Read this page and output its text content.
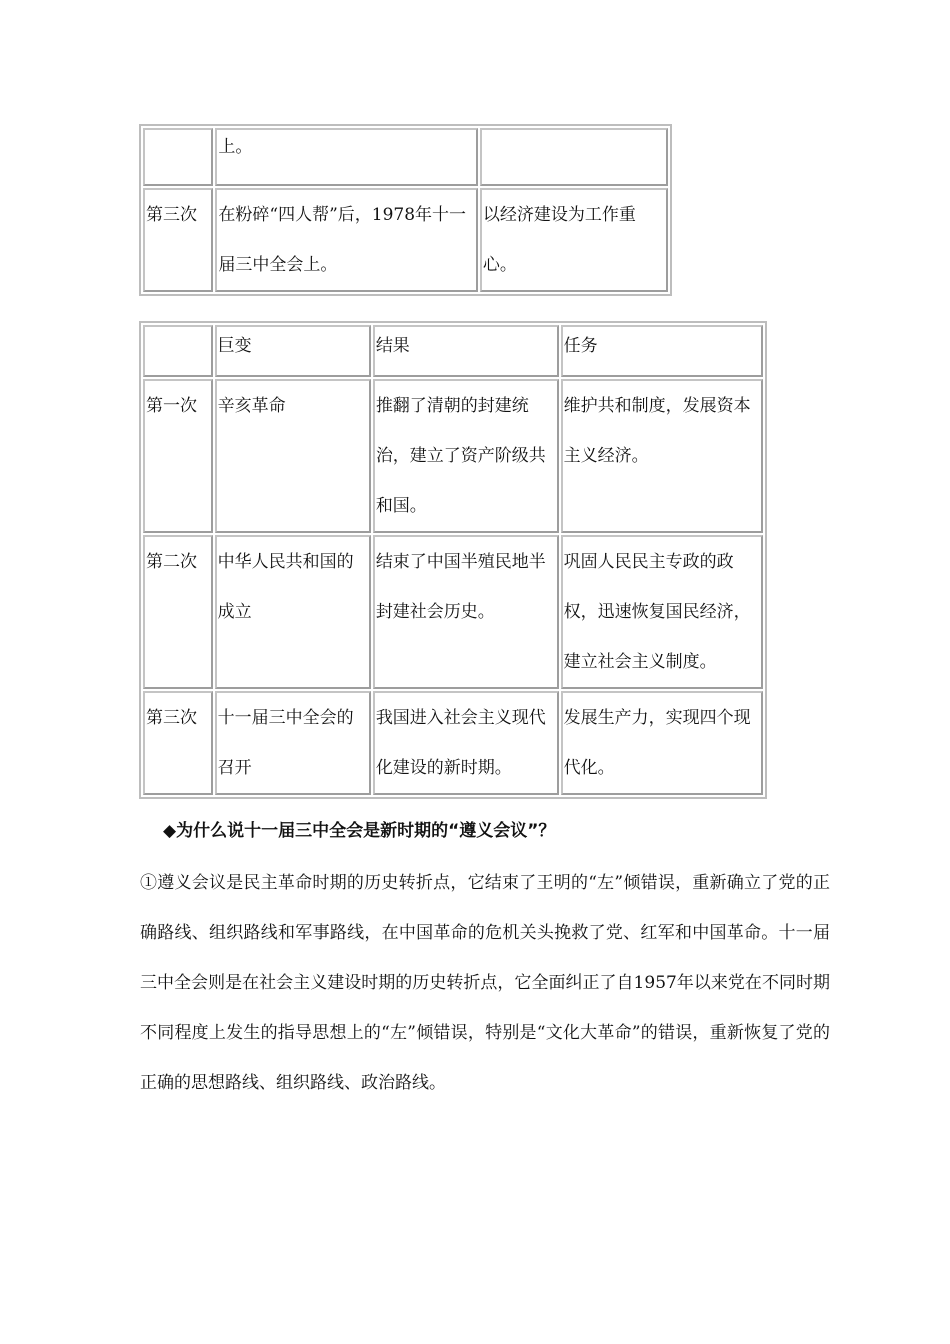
	上。	
第三次	在粉碎“四人帮”后，1978年十一届三中全会上。	以经济建设为工作重心。
	巨变	结果	任务
第一次	辛亥革命	推翻了清朝的封建统治，建立了资产阶级共和国。	维护共和制度，发展资本主义经济。
第二次	中华人民共和国的成立	结束了中国半殖民地半封建社会历史。	巩固人民民主专政的政权，迅速恢复国民经济，建立社会主义制度。
第三次	十一届三中全会的召开	我国进入社会主义现代化建设的新时期。	发展生产力，实现四个现代化。
◆为什么说十一届三中全会是新时期的“遵义会议”？

①遵义会议是民主革命时期的历史转折点，它结束了王明的“左”倾错误，重新确立了党的正确路线、组织路线和军事路线，在中国革命的危机关头挽救了党、红军和中国革命。十一届三中全会则是在社会主义建设时期的历史转折点，它全面纠正了自1957年以来党在不同时期不同程度上发生的指导思想上的“左”倾错误，特别是“文化大革命”的错误，重新恢复了党的正确的思想路线、组织路线、政治路线。
